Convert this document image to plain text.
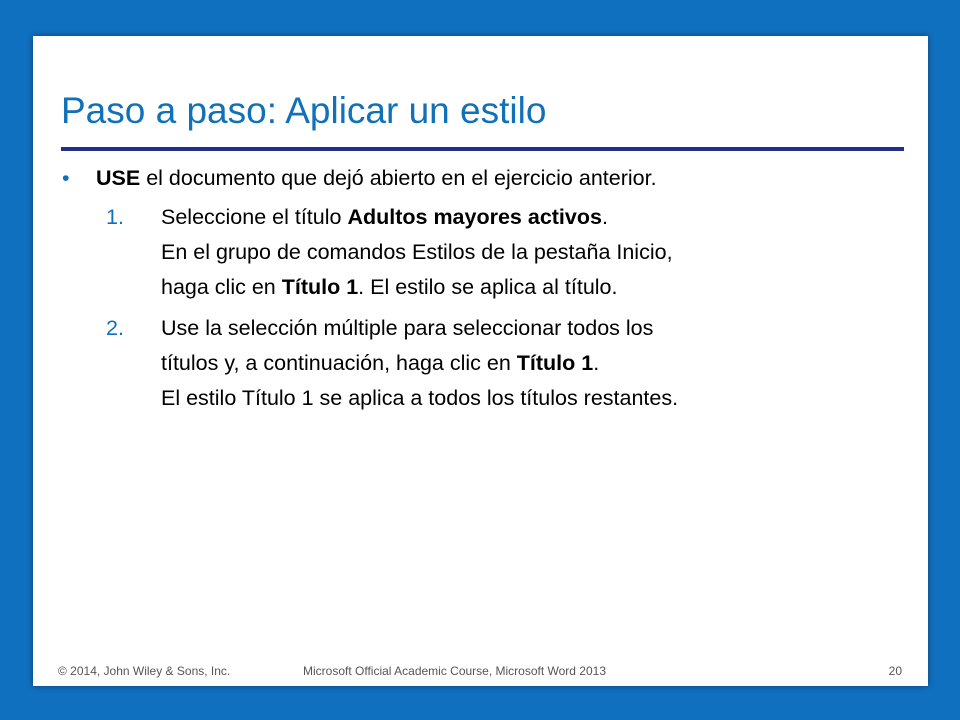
Paso a paso: Aplicar un estilo
• USE el documento que dejó abierto en el ejercicio anterior.
1. Seleccione el título Adultos mayores activos.
En el grupo de comandos Estilos de la pestaña Inicio,
haga clic en Título 1. El estilo se aplica al título.
2. Use la selección múltiple para seleccionar todos los
títulos y, a continuación, haga clic en Título 1.
El estilo Título 1 se aplica a todos los títulos restantes.
© 2014, John Wiley & Sons, Inc.	Microsoft Official Academic Course, Microsoft Word 2013	20
